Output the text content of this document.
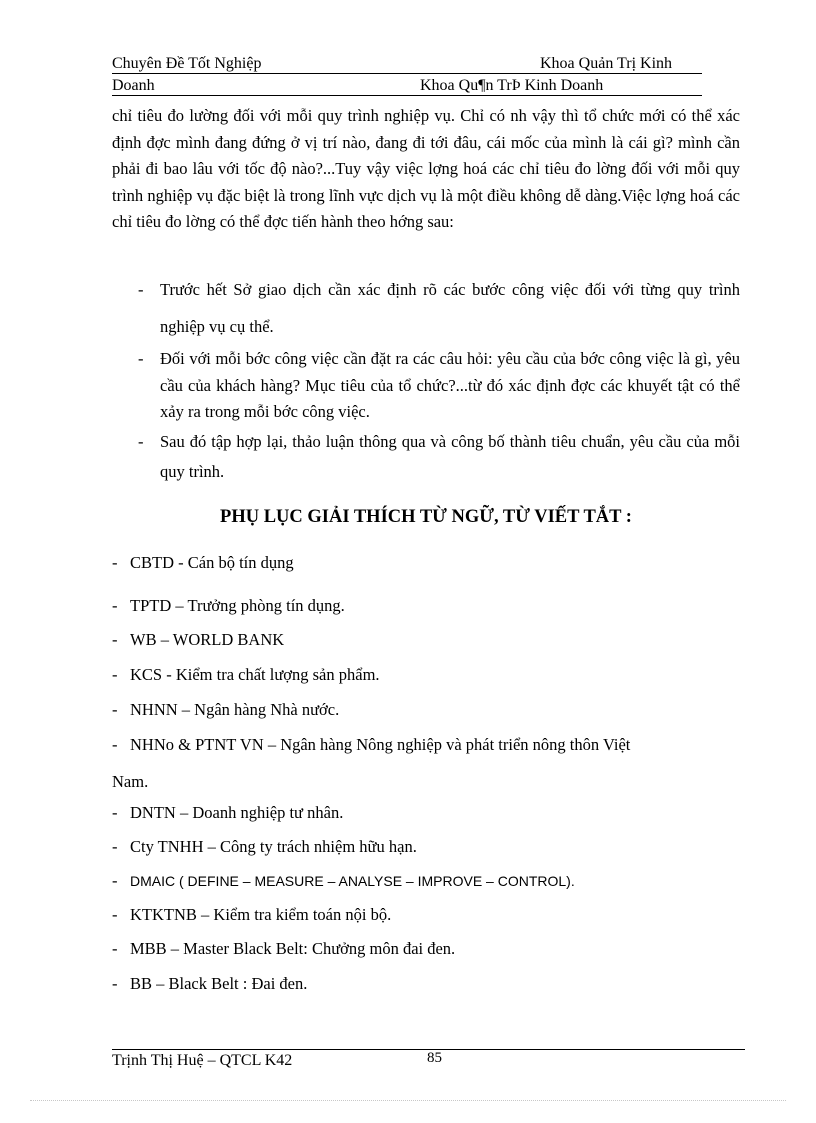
Chuyên Đề Tốt Nghiệp	Khoa Quản Trị Kinh
Doanh	Khoa Qu¶n TrÞ Kinh Doanh
chỉ tiêu đo lường đối với mỗi quy trình nghiệp vụ. Chỉ có nh vậy thì tổ chức mới có thể xác định đợc mình đang đứng ở vị trí nào, đang đi tới đâu, cái mốc của mình là cái gì? mình cần phải đi bao lâu với tốc độ nào?...Tuy vậy việc lợng hoá các chỉ tiêu đo lờng đối với mỗi quy trình nghiệp vụ đặc biệt là trong lĩnh vực dịch vụ là một điều không dễ dàng.Việc lợng hoá các chỉ tiêu đo lờng có thể đợc tiến hành theo hớng sau:
- Trước hết Sở giao dịch cần xác định rõ các bước công việc đối với từng quy trình nghiệp vụ cụ thể.
- Đối với mỗi bớc công việc cần đặt ra các câu hỏi: yêu cầu của bớc công việc là gì, yêu cầu của khách hàng? Mục tiêu của tổ chức?...từ đó xác định đợc các khuyết tật có thể xảy ra trong mỗi bớc công việc.
- Sau đó tập hợp lại, thảo luận thông qua và công bố thành tiêu chuẩn, yêu cầu của mỗi quy trình.
PHỤ LỤC GIẢI THÍCH TỪ NGỮ, TỪ VIẾT TẮT :
- CBTD - Cán bộ tín dụng
- TPTD – Trưởng phòng tín dụng.
- WB – WORLD BANK
- KCS - Kiểm tra chất lượng sản phẩm.
- NHNN – Ngân hàng Nhà nước.
- NHNo & PTNT VN – Ngân hàng Nông nghiệp và phát triển nông thôn Việt
Nam.
- DNTN – Doanh nghiệp tư nhân.
- Cty TNHH – Công ty trách nhiệm hữu hạn.
- DMAIC ( DEFINE – MEASURE – ANALYSE – IMPROVE – CONTROL).
- KTKTNB – Kiểm tra kiểm toán nội bộ.
- MBB – Master Black Belt: Chưởng môn đai đen.
- BB – Black Belt : Đai đen.
Trịnh Thị Huệ – QTCL K42	85
